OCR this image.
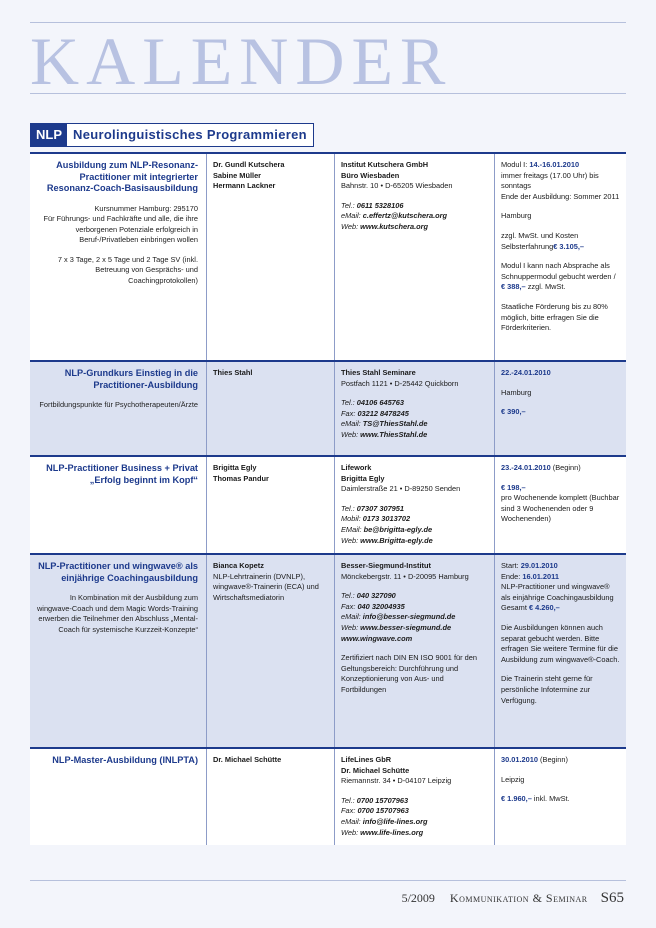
KALENDER
NLP Neurolinguistisches Programmieren
Ausbildung zum NLP-Resonanz- Practitioner mit integrierter Resonanz-Coach-Basisausbildung
Kursnummer Hamburg: 295170
Für Führungs- und Fachkräfte und alle, die ihre verborgenen Potenziale erfolgreich in Beruf-/Privatleben einbringen wollen
7 x 3 Tage, 2 x 5 Tage und 2 Tage SV (inkl. Betreuung von Gesprächs- und Coachingprotokollen)
Dr. Gundl Kutschera
Sabine Müller
Hermann Lackner
Institut Kutschera GmbH
Büro Wiesbaden
Bahnstr. 10 • D-65205 Wiesbaden
Tel.: 0611 5328106
eMail: c.effertz@kutschera.org
Web: www.kutschera.org
Modul I: 14.-16.01.2010
immer freitags (17.00 Uhr) bis sonntags
Ende der Ausbildung: Sommer 2011
Hamburg
zzgl. MwSt. und Kosten Selbsterfahrung€ 3.105,–
Modul I kann nach Absprache als Schnuppermodul gebucht werden / € 388,– zzgl. MwSt.
Staatliche Förderung bis zu 80% möglich, bitte erfragen Sie die Förderkriterien.
NLP-Grundkurs Einstieg in die Practitioner-Ausbildung
Fortbildungspunkte für Psychotherapeuten/Ärzte
Thies Stahl	Thies Stahl Seminare
Postfach 1121 • D-25442 Quickborn
Tel.: 04106 645763
Fax: 03212 8478245
eMail: TS@ThiesStahl.de
Web: www.ThiesStahl.de
22.-24.01.2010
Hamburg
€ 390,–
NLP-Practitioner Business + Privat „Erfolg beginnt im Kopf“
Brigitta Egly
Thomas Pandur
Lifework
Brigitta Egly
Daimlerstraße 21 • D-89250 Senden
Tel.: 07307 307951
Mobil: 0173 3013702
EMail: be@brigitta-egly.de
Web: www.Brigitta-egly.de
23.-24.01.2010 (Beginn)
€ 198,–
pro Wochenende komplett (Buchbar sind 3 Wochenenden oder 9 Wochenenden)
NLP-Practitioner und wingwave® als einjährige Coachingausbildung
In Kombination mit der Ausbildung zum wingwave-Coach und dem Magic Words-Training erwerben die Teilnehmer den Abschluss „Mental-Coach für systemische Kurzzeit-Konzepte“
Bianca Kopetz
NLP-Lehrtrainerin (DVNLP), wingwave®-Trainerin (ECA) und Wirtschaftsmediatorin
Besser-Siegmund-Institut
Mönckebergstr. 11 • D-20095 Hamburg
Tel.: 040 327090
Fax: 040 32004935
eMail: info@besser-siegmund.de
Web: www.besser-siegmund.de
www.wingwave.com
Zertifiziert nach DIN EN ISO 9001 für den Geltungsbereich: Durchführung und Konzeptionierung von Aus- und Fortbildungen
Start: 29.01.2010
Ende: 16.01.2011
NLP-Practitioner und wingwave® als einjährige Coachingausbildung
Gesamt € 4.260,–
Die Ausbildungen können auch separat gebucht werden. Bitte erfragen Sie weitere Termine für die Ausbildung zum wingwave®-Coach.
Die Trainerin steht gerne für persönliche Infotermine zur Verfügung.
NLP-Master-Ausbildung (INLPTA) Dr. Michael Schütte	LifeLines GbR
Dr. Michael Schütte
Riemannstr. 34 • D-04107 Leipzig
Tel.: 0700 15707963
Fax: 0700 15707963
eMail: info@life-lines.org
Web: www.life-lines.org
30.01.2010 (Beginn)
Leipzig
€ 1.960,– inkl. MwSt.
5/2009 Kommunikation & Seminar S65
